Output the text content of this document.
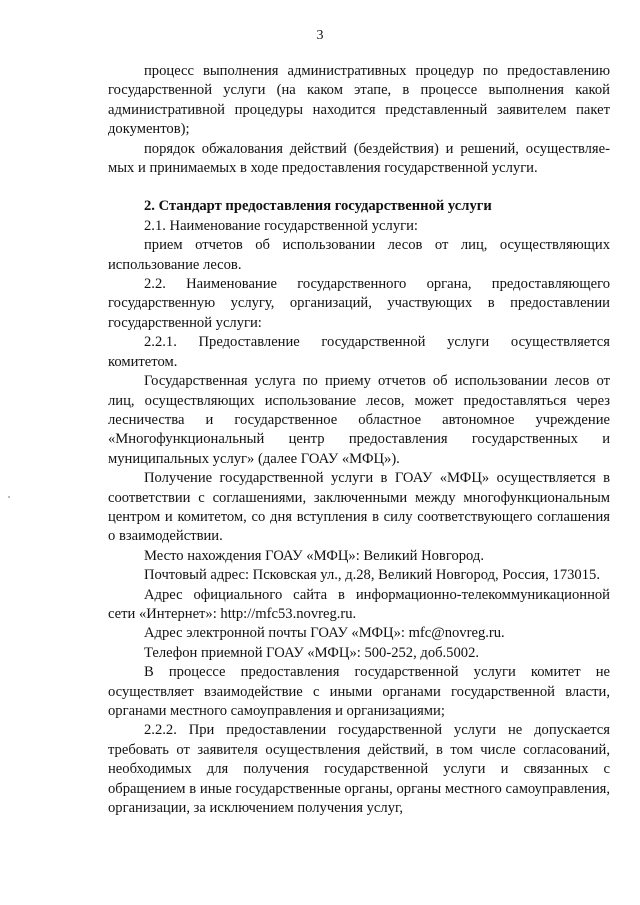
3

процесс выполнения административных процедур по предоставлению государственной услуги (на каком этапе, в процессе выполнения какой административной процедуры находится представленный заявителем пакет документов);

порядок обжалования действий (бездействия) и решений, осуществляемых и принимаемых в ходе предоставления государственной услуги.

2. Стандарт предоставления государственной услуги

2.1. Наименование государственной услуги:

прием отчетов об использовании лесов от лиц, осуществляющих использование лесов.

2.2. Наименование государственного органа, предоставляющего государственную услугу, организаций, участвующих в предоставлении государственной услуги:

2.2.1. Предоставление государственной услуги осуществляется комитетом.

Государственная услуга по приему отчетов об использовании лесов от лиц, осуществляющих использование лесов, может предоставляться через лесничества и государственное областное автономное учреждение «Многофункциональный центр предоставления государственных и муниципальных услуг» (далее ГОАУ «МФЦ»).

Получение государственной услуги в ГОАУ «МФЦ» осуществляется в соответствии с соглашениями, заключенными между многофункциональным центром и комитетом, со дня вступления в силу соответствующего соглашения о взаимодействии.

Место нахождения ГОАУ «МФЦ»: Великий Новгород.

Почтовый адрес: Псковская ул., д.28, Великий Новгород, Россия, 173015.

Адрес официального сайта в информационно-телекоммуникационной сети «Интернет»: http://mfc53.novreg.ru.

Адрес электронной почты ГОАУ «МФЦ»: mfc@novreg.ru.

Телефон приемной ГОАУ «МФЦ»: 500-252, доб.5002.

В процессе предоставления государственной услуги комитет не осуществляет взаимодействие с иными органами государственной власти, органами местного самоуправления и организациями;

2.2.2. При предоставлении государственной услуги не допускается требовать от заявителя осуществления действий, в том числе согласований, необходимых для получения государственной услуги и связанных с обращением в иные государственные органы, органы местного самоуправления, организации, за исключением получения услуг,
